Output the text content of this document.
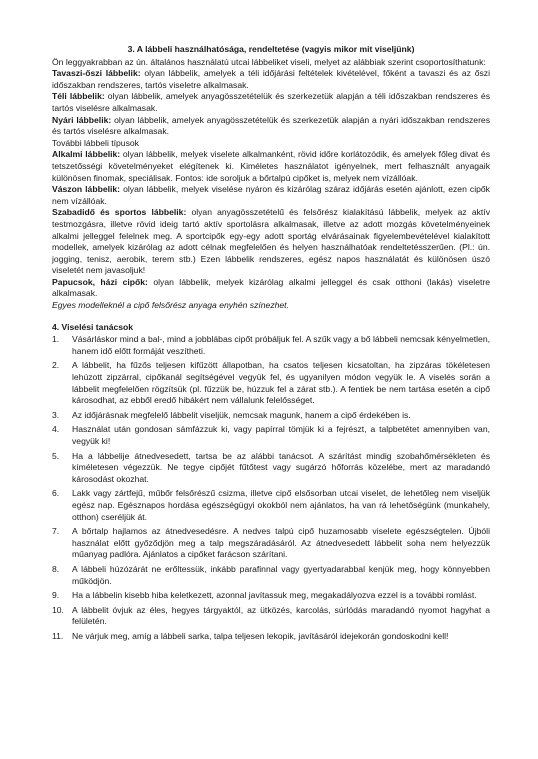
3. A lábbeli használhatósága, rendeltetése (vagyis mikor mit viseljünk)

Ön leggyakrabban az ún. általános használatú utcai lábbeliket viseli, melyet az alábbiak szerint csoportosíthatunk:

Tavaszi-őszi lábbelik: olyan lábbelik, amelyek a téli időjárási feltételek kivételével, főként a tavaszi és az őszi időszakban rendszeres, tartós viseletre alkalmasak.

Téli lábbelik: olyan lábbelik, amelyek anyagösszetételük és szerkezetük alapján a téli időszakban rendszeres és tartós viselésre alkalmasak.

Nyári lábbelik: olyan lábbelik, amelyek anyagösszetételük és szerkezetük alapján a nyári időszakban rendszeres és tartós viselésre alkalmasak.

További lábbeli típusok

Alkalmi lábbelik: olyan lábbelik, melyek viselete alkalmanként, rövid időre korlátozódik, és amelyek főleg divat és tetszetősségi követelményeket elégítenek ki. Kiméletes használatot igényelnek, mert felhasznált anyagaik különösen finomak, speciálisak. Fontos: ide soroljuk a bőrtalpú cipőket is, melyek nem vízállóak.

Vászon lábbelik: olyan lábbelik, melyek viselése nyáron és kizárólag száraz időjárás esetén ajánlott, ezen cipők nem vízállóak.

Szabadidő és sportos lábbelik: olyan anyagösszetételű és felsőrész kialakítású lábbelik, melyek az aktív testmozgásra, illetve rövid ideig tartó aktív sportolásra alkalmasak, illetve az adott mozgás követelményeinek alkalmi jelleggel felelnek meg. A sportcipők egy-egy adott sportág elvárásainak figyelembevételével kialakított modellek, amelyek kizárólag az adott célnak megfelelően és helyen használhatóak rendeltetésszerűen. (Pl.: ún. jogging, tenisz, aerobik, terem stb.) Ezen lábbelik rendszeres, egész napos használatát és különösen úszó viseletét nem javasoljuk!

Papucsok, házi cipők: olyan lábbelik, melyek kizárólag alkalmi jelleggel és csak otthoni (lakás) viseletre alkalmasak.

Egyes modelleknél a cipő felsőrész anyaga enyhén színezhet.

4. Viselési tanácsok
1.	Vásárláskor mind a bal-, mind a jobblábas cipőt próbáljuk fel. A szűk vagy a bő lábbeli nemcsak kényelmetlen, hanem idő előtt formáját veszítheti.
2.	A lábbelit, ha fűzős teljesen kifűzött állapotban, ha csatos teljesen kicsatoltan, ha zipzáras tökéletesen lehúzott zipzárral, cipőkanál segítségével vegyük fel, és ugyanilyen módon vegyük le. A viselés során a lábbelit megfelelően rögzítsük (pl. fűzzük be, húzzuk fel a zárat stb.). A fentiek be nem tartása esetén a cipő károsodhat, az ebből eredő hibákért nem vállalunk felelősséget.
3.	Az időjárásnak megfelelő lábbelit viseljük, nemcsak magunk, hanem a cipő érdekében is.
4.	Használat után gondosan sámfázzuk ki, vagy papírral tömjük ki a fejrészt, a talpbetétet amennyiben van, vegyük ki!
5.	Ha a lábbelije átnedvesedett, tartsa be az alábbi tanácsot. A szárítást mindig szobahőmérsékleten és kíméletesen végezzük. Ne tegye cipőjét fűtőtest vagy sugárzó hőforrás közelébe, mert az maradandó károsodást okozhat.
6.	Lakk vagy zártfejű, műbőr felsőrészű csizma, illetve cipő elsősorban utcai viselet, de lehetőleg nem viseljük egész nap. Egésznapos hordása egészségügyi okokból nem ajánlatos, ha van rá lehetőségünk (munkahely, otthon) cseréljük át.
7.	A bőrtalp hajlamos az átnedvesedésre. A nedves talpú cipő huzamosabb viselete egészségtelen. Újbóli használat előtt győződjön meg a talp megszáradásáról. Az átnedvesedett lábbelit soha nem helyezzük műanyag padlóra. Ajánlatos a cipőket farácson szárítani.
8.	A lábbeli húzózárát ne erőltessük, inkább parafinnal vagy gyertyadarabbal kenjük meg, hogy könnyebben működjön.
9.	Ha a lábbelin kisebb hiba keletkezett, azonnal javítassuk meg, megakadályozva ezzel is a további romlást.
10. A lábbelit óvjuk az éles, hegyes tárgyaktól, az ütközés, karcolás, súrlódás maradandó nyomot hagyhat a felületén.
11.	Ne várjuk meg, amíg a lábbeli sarka, talpa teljesen lekopik, javításáról idejekorán gondoskodni kell!
